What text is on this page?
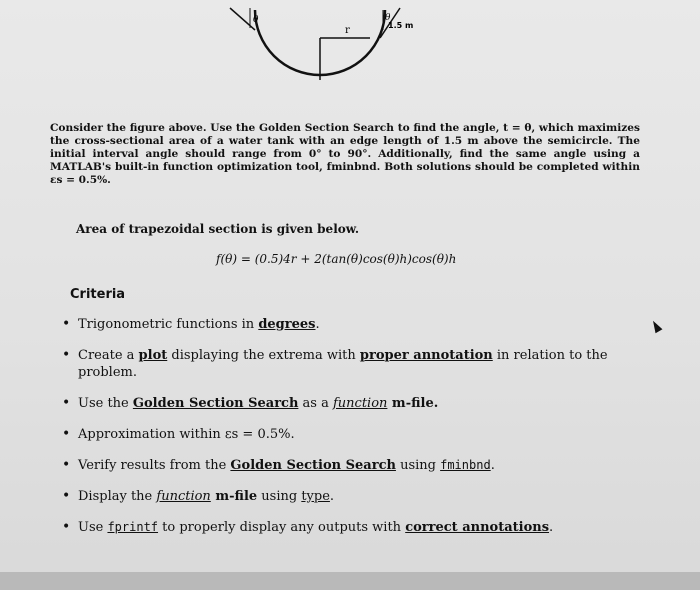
r	1.5 m
θ	θ
Consider the figure above. Use the Golden Section Search to find the angle, t = θ, which maximizes the cross-sectional area of a water tank with an edge length of 1.5 m above the semicircle. The initial interval angle should range from 0° to 90°. Additionally, find the same angle using a MATLAB's built-in function optimization tool, fminbnd. Both solutions should be completed within εs = 0.5%.
Area of trapezoidal section is given below.
f(θ) = (0.5)4r + 2(tan(θ)cos(θ)h)cos(θ)h
Criteria
• Trigonometric functions in degrees.
• Create a plot displaying the extrema with proper annotation in relation to the problem.
• Use the Golden Section Search as a function m-file.
• Approximation within εs = 0.5%.
• Verify results from the Golden Section Search using fminbnd.
• Display the function m-file using type.
• Use fprintf to properly display any outputs with correct annotations.
